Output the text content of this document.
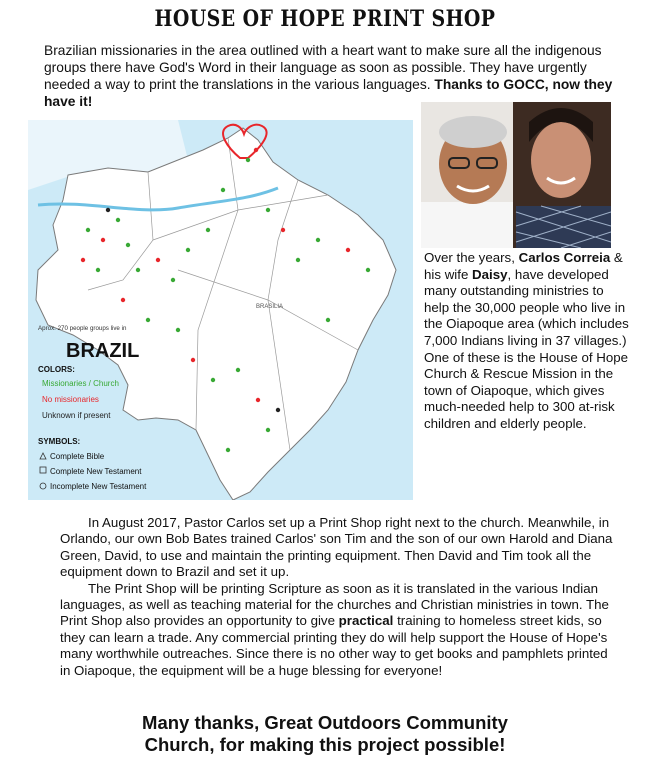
HOUSE OF HOPE PRINT SHOP
Brazilian missionaries in the area outlined with a heart want to make sure all the indigenous groups there have God's Word in their language as soon as possible. They have urgently needed a way to print the translations in the various languages. Thanks to GOCC, now they have it!
BRASILIA
Aprox. 270 people groups live in
BRAZIL
COLORS:
Missionaries / Church
No missionaries
Unknown if present
SYMBOLS:
Complete Bible
Complete New Testament
Incomplete New Testament
Over the years, Carlos Correia & his wife Daisy, have developed many outstanding ministries to help the 30,000 people who live in the Oiapoque area (which includes 7,000 Indians living in 37 villages.) One of these is the House of Hope Church & Rescue Mission in the town of Oiapoque, which gives much-needed help to 300 at-risk children and elderly people.

In August 2017, Pastor Carlos set up a Print Shop right next to the church. Meanwhile, in Orlando, our own Bob Bates trained Carlos' son Tim and the son of our own Harold and Diana Green, David, to use and maintain the printing equipment. Then David and Tim took all the equipment down to Brazil and set it up.

The Print Shop will be printing Scripture as soon as it is translated in the various Indian languages, as well as teaching material for the churches and Christian ministries in town. The Print Shop also provides an opportunity to give practical training to homeless street kids, so they can learn a trade. Any commercial printing they do will help support the House of Hope's many worthwhile outreaches. Since there is no other way to get books and pamphlets printed in Oiapoque, the equipment will be a huge blessing for everyone!

Many thanks, Great Outdoors Community
Church, for making this project possible!
